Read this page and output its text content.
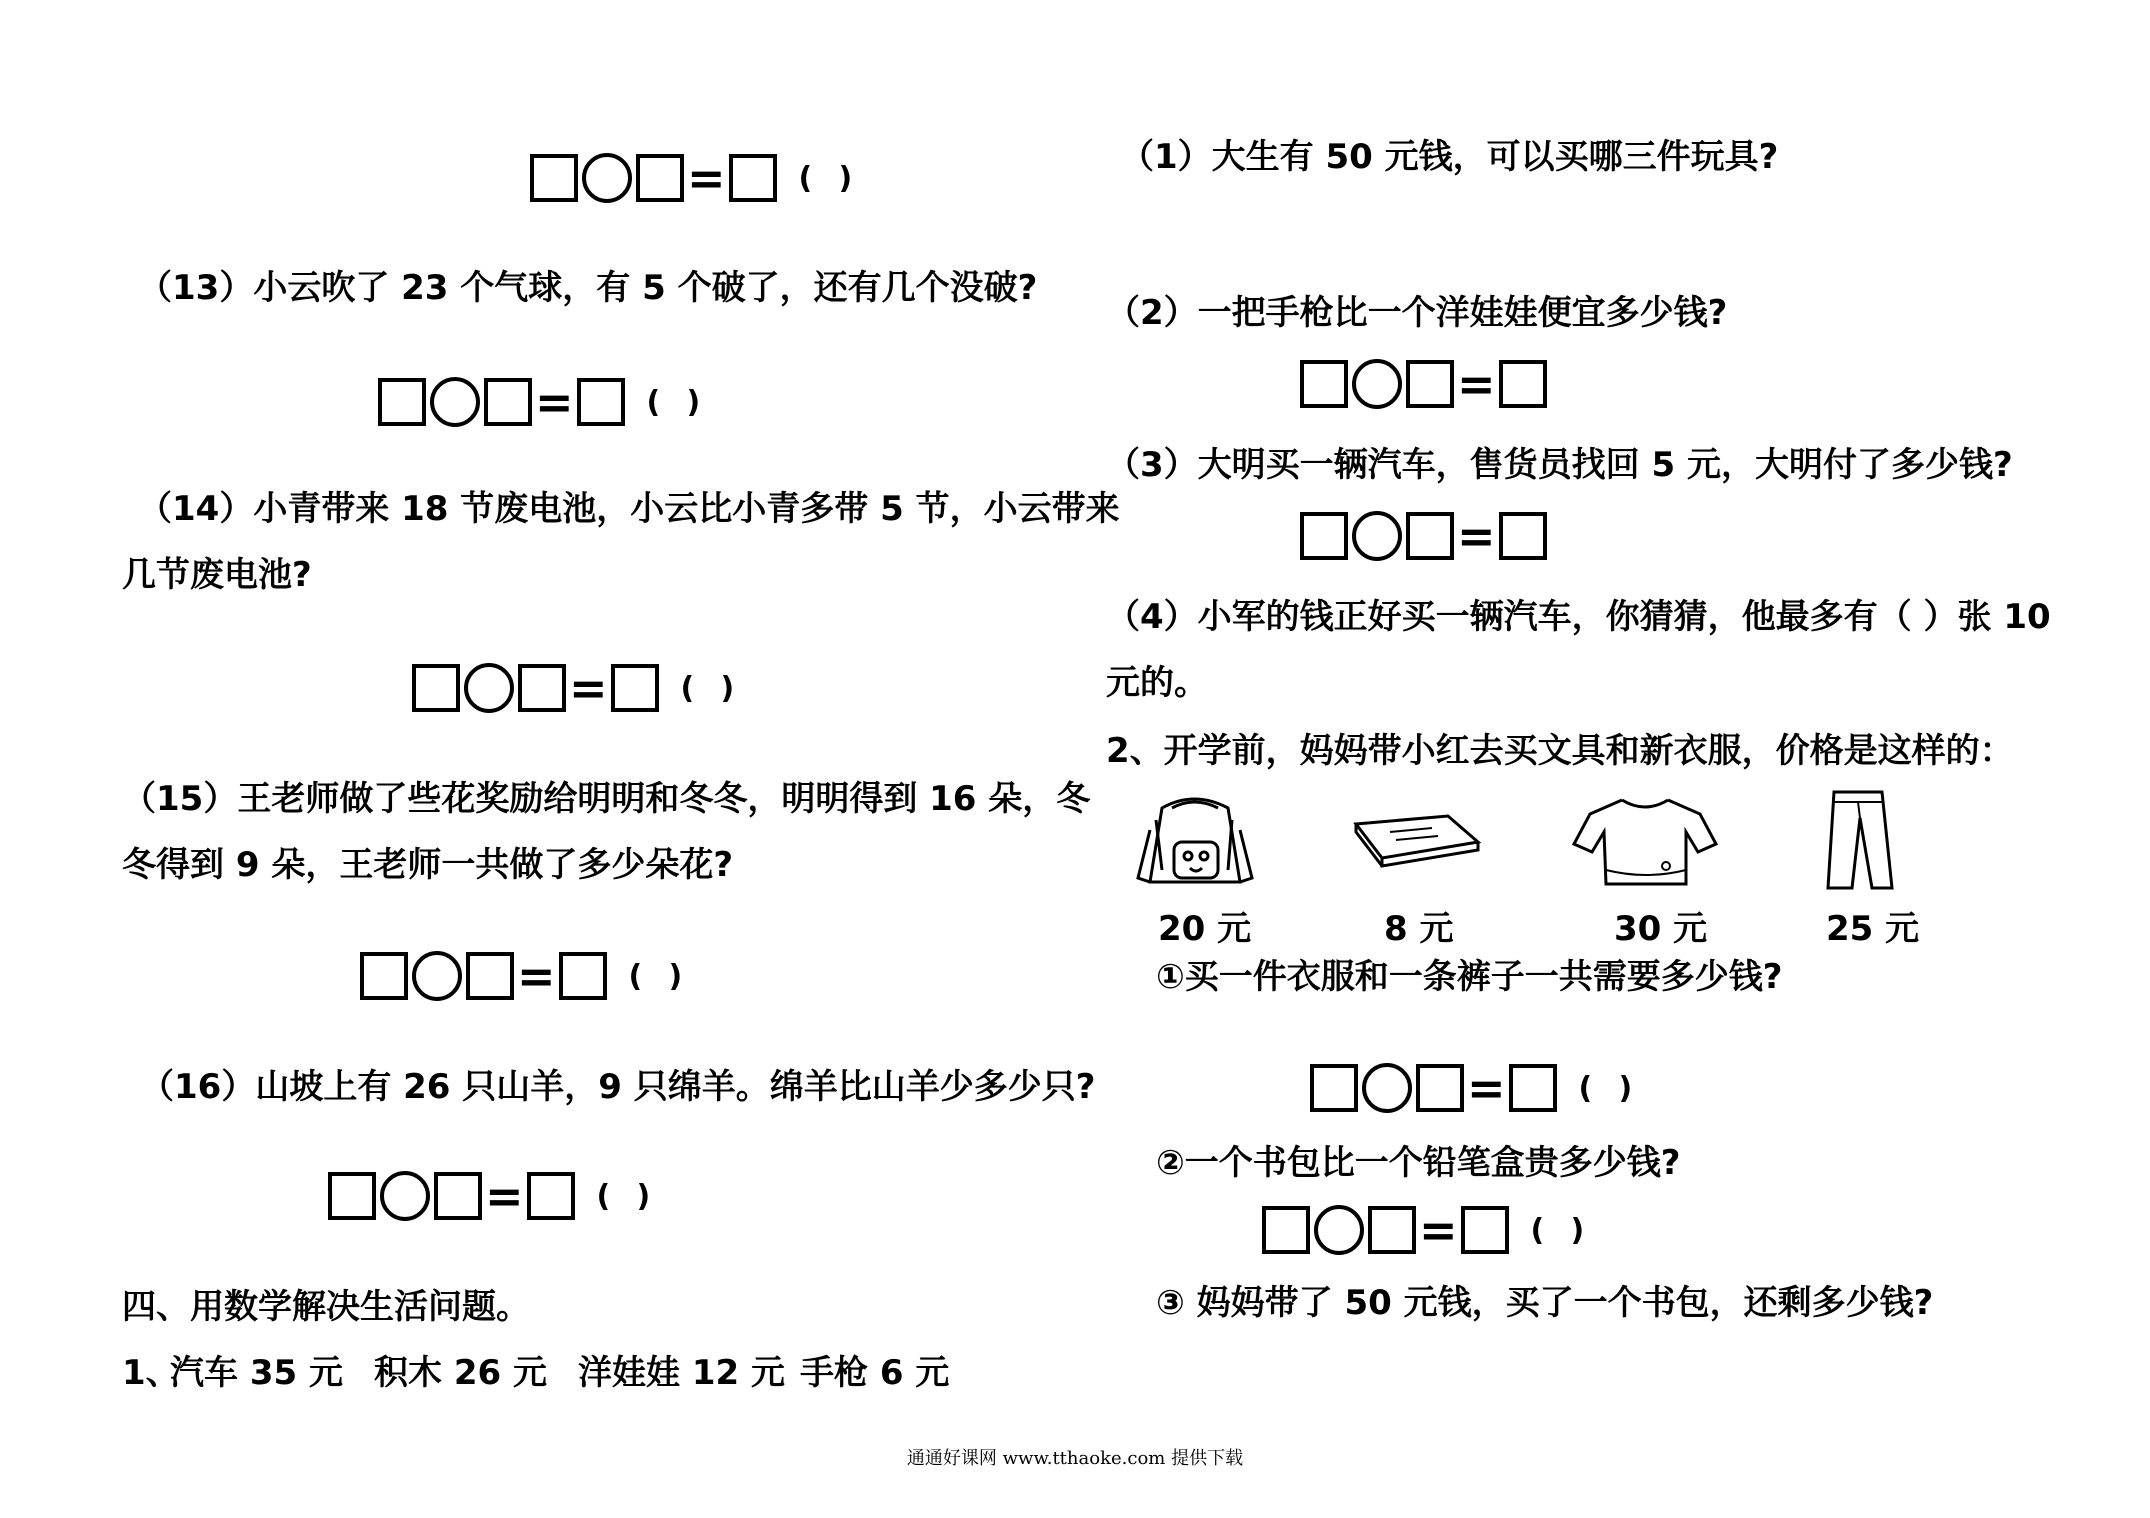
= ( )
（13）小云吹了 23 个气球，有 5 个破了，还有几个没破?
= ( )
（14）小青带来 18 节废电池，小云比小青多带 5 节，小云带来
几节废电池?
= ( )
（15）王老师做了些花奖励给明明和冬冬，明明得到 16 朵，冬
冬得到 9 朵，王老师一共做了多少朵花?
= ( )
（16）山坡上有 26 只山羊，9 只绵羊。绵羊比山羊少多少只?
= ( )
四、用数学解决生活问题。
1、
汽车 35 元 积木 26 元 洋娃娃 12 元 手枪 6 元
（1）大生有 50 元钱，可以买哪三件玩具?
（2）一把手枪比一个洋娃娃便宜多少钱?
=
（3）大明买一辆汽车，售货员找回 5 元，大明付了多少钱?
=
（4）小军的钱正好买一辆汽车，你猜猜，他最多有（ ）张 10
元的。
2、开学前，妈妈带小红去买文具和新衣服，价格是这样的：
20 元	8 元	30 元	25 元
①买一件衣服和一条裤子一共需要多少钱?
= ( )
②一个书包比一个铅笔盒贵多少钱?
= ( )
③ 妈妈带了 50 元钱，买了一个书包，还剩多少钱?
通通好课网 www.tthaoke.com 提供下载
